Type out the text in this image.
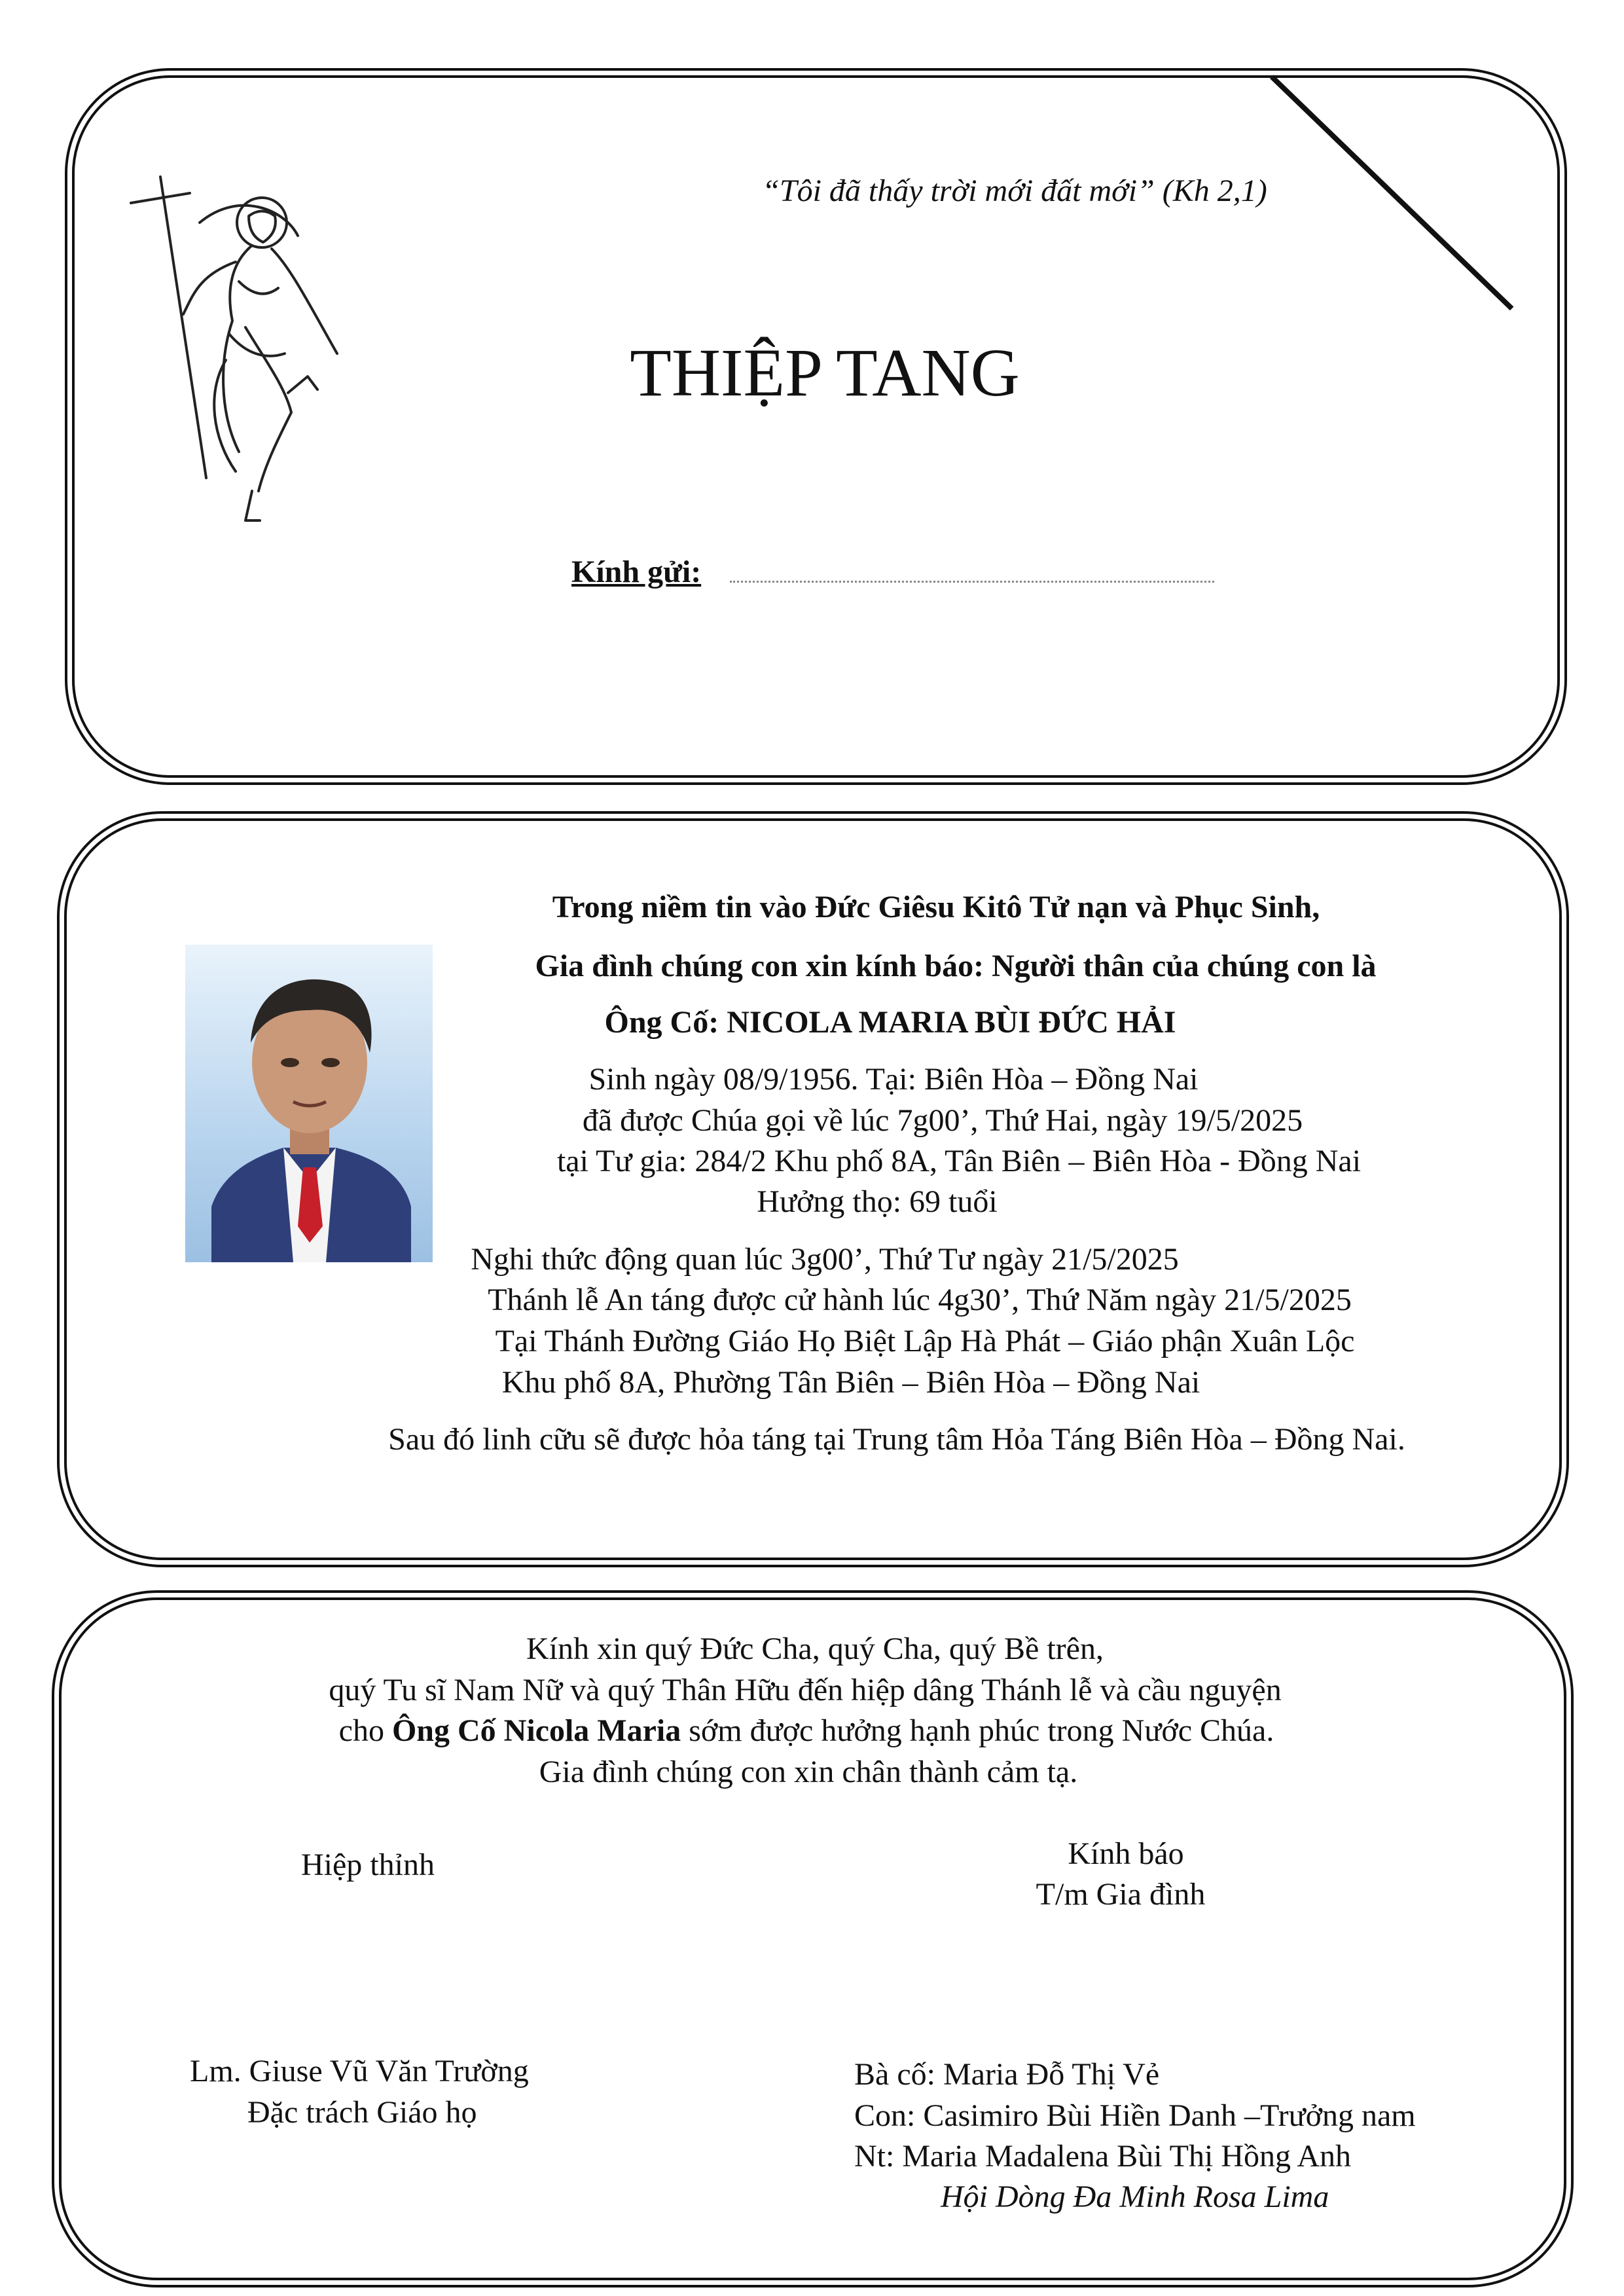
“Tôi đã thấy trời mới đất mới” (Kh 2,1)
THIỆP TANG
Kính gửi:
Trong niềm tin vào Đức Giêsu Kitô Tử nạn và Phục Sinh,
Gia đình chúng con xin kính báo: Người thân của chúng con là
Ông Cố: NICOLA MARIA BÙI ĐỨC HẢI
Sinh ngày 08/9/1956. Tại: Biên Hòa – Đồng Nai
đã được Chúa gọi về lúc 7g00’, Thứ Hai, ngày 19/5/2025
tại Tư gia: 284/2 Khu phố 8A, Tân Biên – Biên Hòa - Đồng Nai
Hưởng thọ: 69 tuổi
Nghi thức động quan lúc 3g00’, Thứ Tư ngày 21/5/2025
Thánh lễ An táng được cử hành lúc 4g30’, Thứ Năm ngày 21/5/2025
Tại Thánh Đường Giáo Họ Biệt Lập Hà Phát – Giáo phận Xuân Lộc
Khu phố 8A, Phường Tân Biên – Biên Hòa – Đồng Nai
Sau đó linh cữu sẽ được hỏa táng tại Trung tâm Hỏa Táng Biên Hòa – Đồng Nai.
Kính xin quý Đức Cha, quý Cha, quý Bề trên,
quý Tu sĩ Nam Nữ và quý Thân Hữu đến hiệp dâng Thánh lễ và cầu nguyện
cho Ông Cố Nicola Maria sớm được hưởng hạnh phúc trong Nước Chúa.
Gia đình chúng con xin chân thành cảm tạ.
Hiệp thỉnh	Kính báo
T/m Gia đình
Lm. Giuse Vũ Văn Trường
Đặc trách Giáo họ
Bà cố: Maria Đỗ Thị Vẻ
Con: Casimiro Bùi Hiền Danh –Trưởng nam
Nt: Maria Madalena Bùi Thị Hồng Anh
Hội Dòng Đa Minh Rosa Lima
